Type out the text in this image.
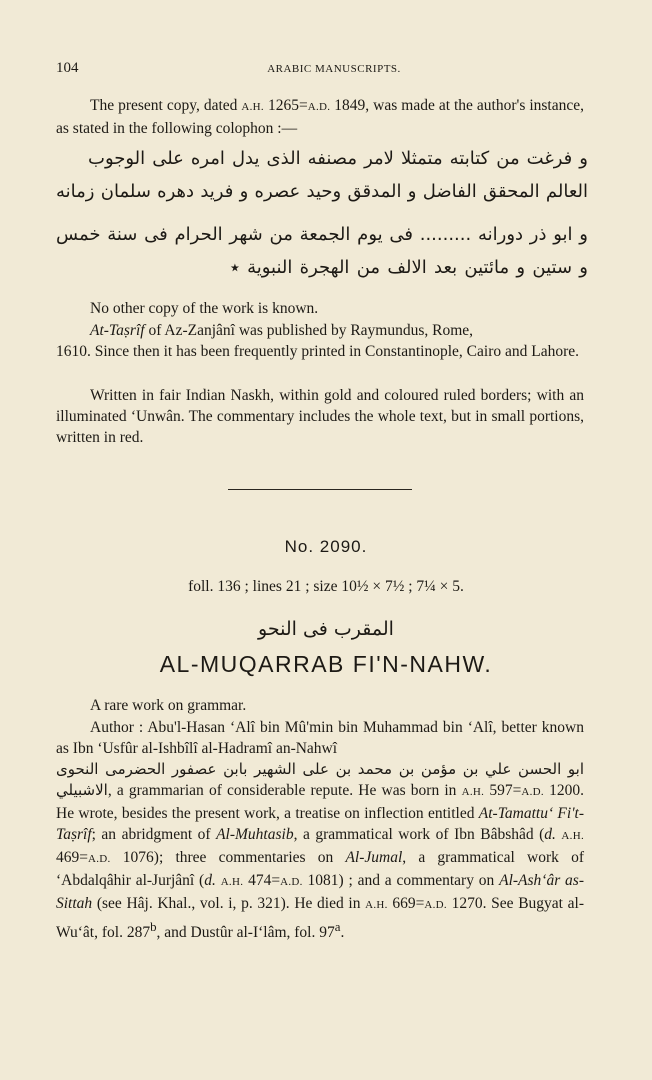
104	ARABIC MANUSCRIPTS.

The present copy, dated A.H. 1265=A.D. 1849, was made at the author's instance, as stated in the following colophon :—

و فرغت من كتابته متمثلا لامر مصنفه الذى يدل امره على الوجوب
العالم المحقق الفاضل و المدقق وحيد عصره و فريد دهره سلمان زمانه
و ابو ذر دورانه ......... فى يوم الجمعة من شهر الحرام فى سنة خمس
و ستين و مائتين بعد الالف من الهجرة النبوية ٭

No other copy of the work is known.

At-Taṣrîf of Az-Zanjânî was published by Raymundus, Rome,
1610. Since then it has been frequently printed in Constantinople, Cairo and Lahore.

Written in fair Indian Naskh, within gold and coloured ruled borders; with an illuminated ‘Unwân. The commentary includes the whole text, but in small portions, written in red.

No. 2090.
foll. 136 ; lines 21 ; size 10½ × 7½ ; 7¼ × 5.
المقرب فى النحو
AL-MUQARRAB FI'N-NAHW.

A rare work on grammar.

Author : Abu'l-Hasan ‘Alî bin Mû'min bin Muhammad bin ‘Alî, better known as Ibn ‘Usfûr al-Ishbîlî al-Hadramî an-Nahwî
ابو الحسن علي بن مؤمن بن محمد بن على الشهير بابن عصفور الحضرمى النحوى الاشبيلي, a grammarian of considerable repute. He was born in A.H. 597=A.D. 1200. He wrote, besides the present work, a treatise on inflection entitled At-Tamattu‘ Fi't-Taṣrîf; an abridgment of Al-Muhtasib, a grammatical work of Ibn Bâbshâd (d. A.H. 469=A.D. 1076); three commentaries on Al-Jumal, a grammatical work of ‘Abdalqâhir al-Jurjânî (d. A.H. 474=A.D. 1081) ; and a commentary on Al-Ash‘âr as-Sittah (see Hâj. Khal., vol. i, p. 321). He died in A.H. 669=A.D. 1270. See Bugyat al-Wu‘ât, fol. 287$^b$, and Dustûr al-I‘lâm, fol. 97$^a$.
